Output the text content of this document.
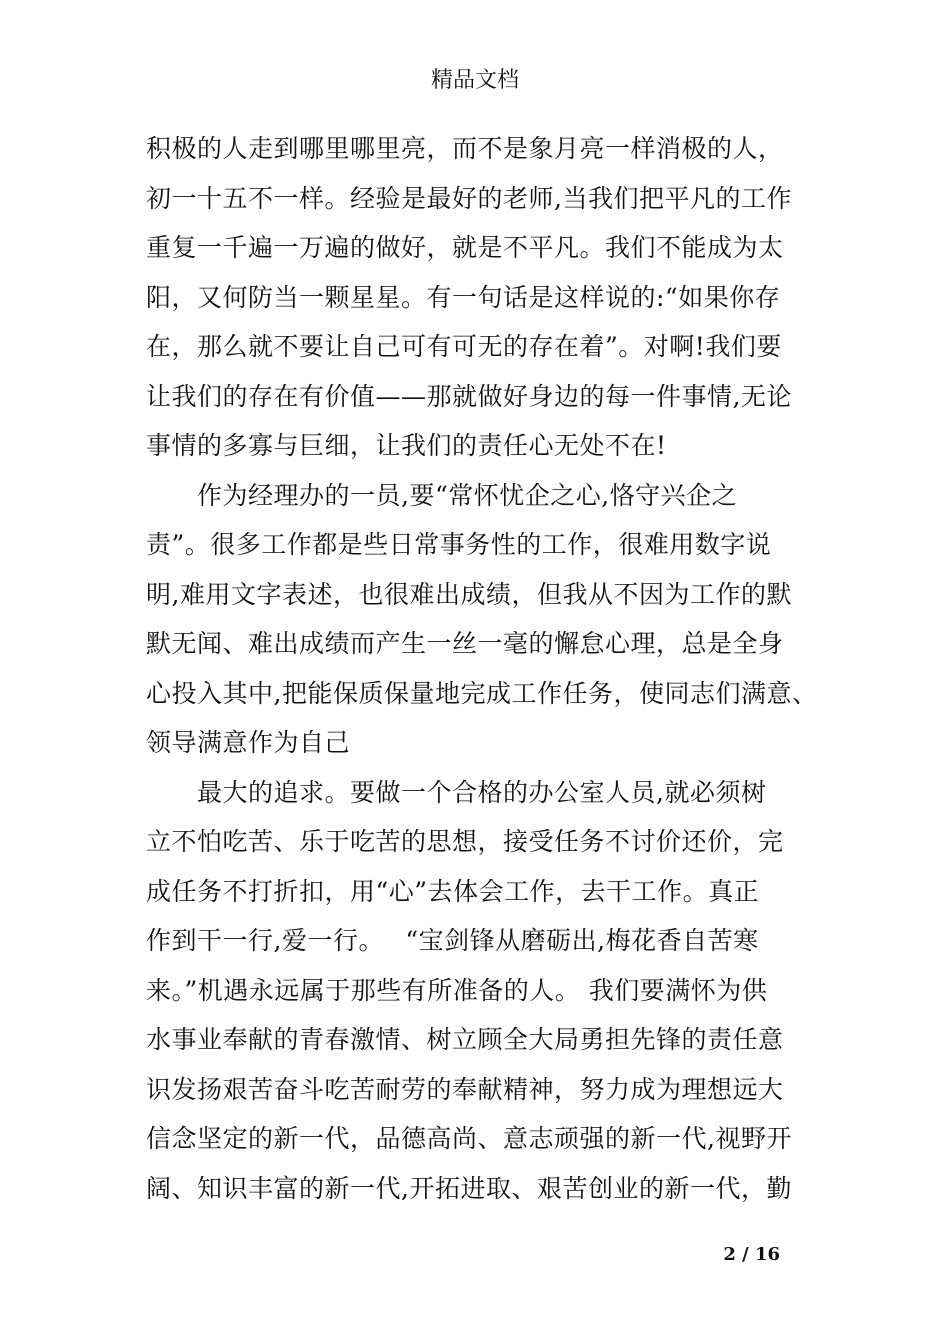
精品文档
积极的人走到哪里哪里亮，而不是象月亮一样消极的人，
初一十五不一样。经验是最好的老师,当我们把平凡的工作
重复一千遍一万遍的做好，就是不平凡。我们不能成为太
阳，又何防当一颗星星。有一句话是这样说的:“如果你存
在，那么就不要让自己可有可无的存在着”。对啊!我们要
让我们的存在有价值——那就做好身边的每一件事情,无论
事情的多寡与巨细，让我们的责任心无处不在!
　　作为经理办的一员,要“常怀忧企之心,恪守兴企之
责”。很多工作都是些日常事务性的工作，很难用数字说
明,难用文字表述，也很难出成绩，但我从不因为工作的默
默无闻、难出成绩而产生一丝一毫的懈怠心理，总是全身
心投入其中,把能保质保量地完成工作任务，使同志们满意、
领导满意作为自己
　　最大的追求。要做一个合格的办公室人员,就必须树
立不怕吃苦、乐于吃苦的思想，接受任务不讨价还价，完
成任务不打折扣，用“心”去体会工作，去干工作。真正
作到干一行,爱一行。　 “宝剑锋从磨砺出,梅花香自苦寒
来。”机遇永远属于那些有所准备的人。 我们要满怀为供
水事业奉献的青春激情、树立顾全大局勇担先锋的责任意
识发扬艰苦奋斗吃苦耐劳的奉献精神，努力成为理想远大
信念坚定的新一代，品德高尚、意志顽强的新一代,视野开
阔、知识丰富的新一代,开拓进取、艰苦创业的新一代，勤
2 / 16
